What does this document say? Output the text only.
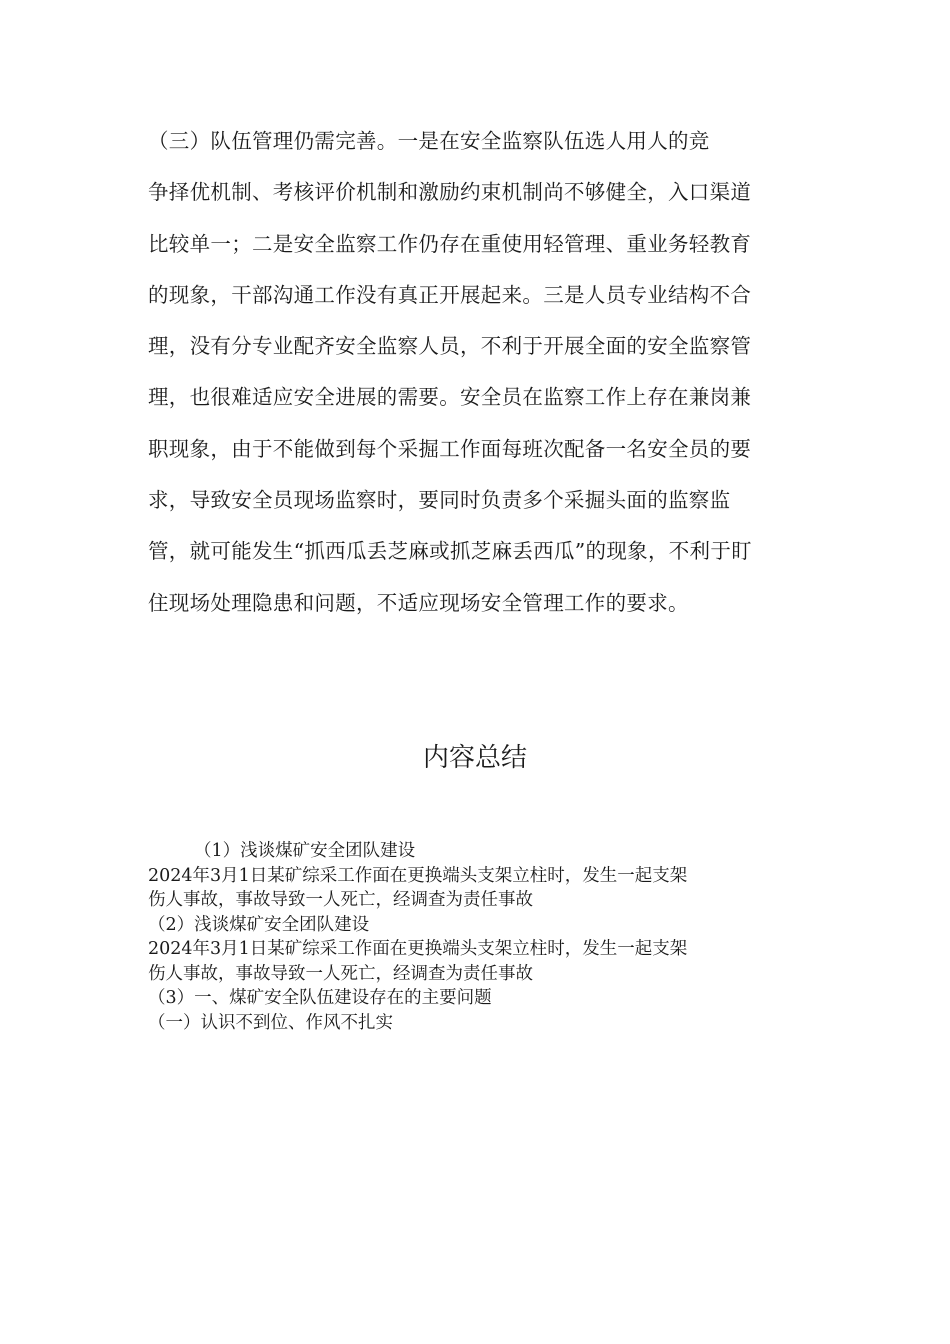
（三）队伍管理仍需完善。一是在安全监察队伍选人用人的竞
争择优机制、考核评价机制和激励约束机制尚不够健全，入口渠道
比较单一；二是安全监察工作仍存在重使用轻管理、重业务轻教育
的现象，干部沟通工作没有真正开展起来。三是人员专业结构不合
理，没有分专业配齐安全监察人员，不利于开展全面的安全监察管
理，也很难适应安全进展的需要。安全员在监察工作上存在兼岗兼
职现象，由于不能做到每个采掘工作面每班次配备一名安全员的要
求，导致安全员现场监察时，要同时负责多个采掘头面的监察监
管，就可能发生“抓西瓜丢芝麻或抓芝麻丢西瓜”的现象，不利于盯
住现场处理隐患和问题，不适应现场安全管理工作的要求。

内容总结
（1）浅谈煤矿安全团队建设
2024年3月1日某矿综采工作面在更换端头支架立柱时，发生一起支架
伤人事故，事故导致一人死亡，经调查为责任事故
（2）浅谈煤矿安全团队建设
2024年3月1日某矿综采工作面在更换端头支架立柱时，发生一起支架
伤人事故，事故导致一人死亡，经调查为责任事故
（3）一、煤矿安全队伍建设存在的主要问题
（一）认识不到位、作风不扎实
